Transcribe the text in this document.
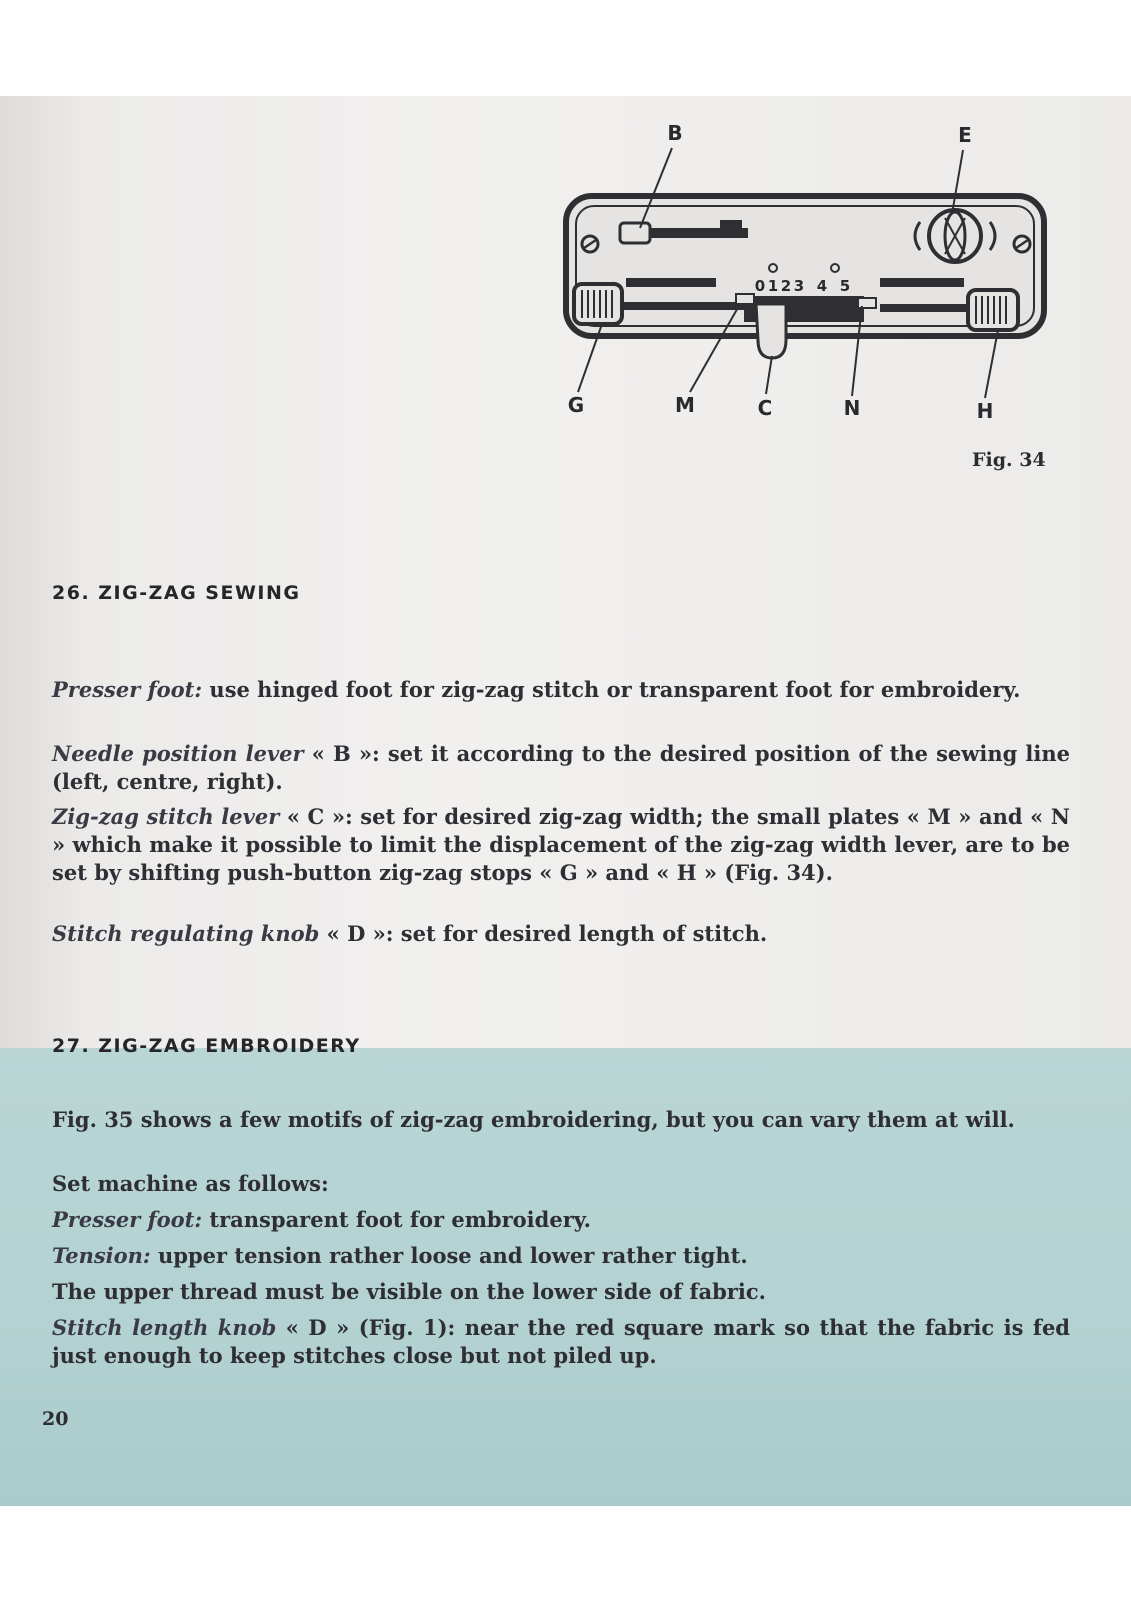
B	E
G	M	C	N	H
0 1 2 3 4 5
Fig. 34
26. ZIG-ZAG SEWING

Presser foot: use hinged foot for zig-zag stitch or transparent foot for embroidery.

Needle position lever « B »: set it according to the desired position of the sewing line (left, centre, right).

Zig-zag stitch lever « C »: set for desired zig-zag width; the small plates « M » and « N » which make it possible to limit the displacement of the zig-zag width lever, are to be set by shifting push-button zig-zag stops « G » and « H » (Fig. 34).

Stitch regulating knob « D »: set for desired length of stitch.

27. ZIG-ZAG EMBROIDERY

Fig. 35 shows a few motifs of zig-zag embroidering, but you can vary them at will.

Set machine as follows:

Presser foot: transparent foot for embroidery.

Tension: upper tension rather loose and lower rather tight.

The upper thread must be visible on the lower side of fabric.

Stitch length knob « D » (Fig. 1): near the red square mark so that the fabric is fed just enough to keep stitches close but not piled up.

20
